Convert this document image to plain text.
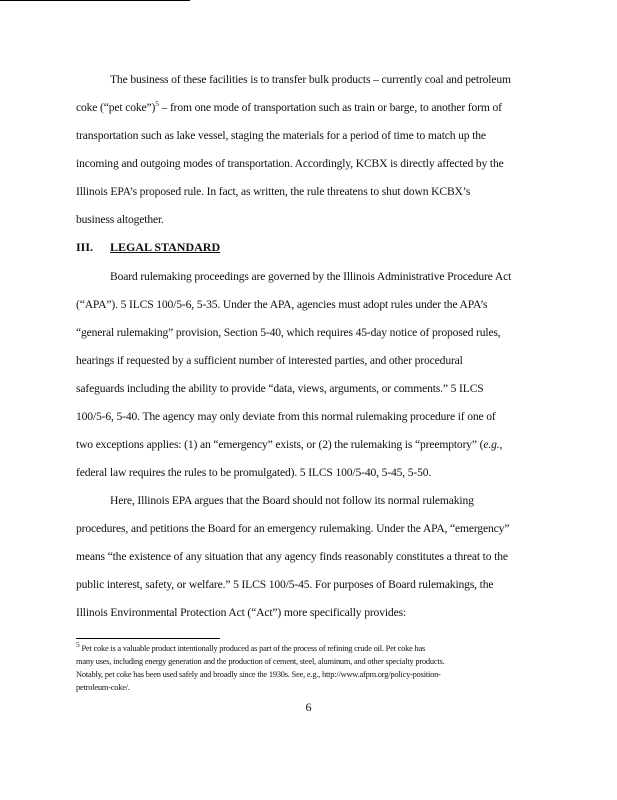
The business of these facilities is to transfer bulk products – currently coal and petroleum
coke (“pet coke”)$^5$ – from one mode of transportation such as train or barge, to another form of
transportation such as lake vessel, staging the materials for a period of time to match up the
incoming and outgoing modes of transportation. Accordingly, KCBX is directly affected by the
Illinois EPA’s proposed rule. In fact, as written, the rule threatens to shut down KCBX’s
business altogether.
III. LEGAL STANDARD
Board rulemaking proceedings are governed by the Illinois Administrative Procedure Act
(“APA”). 5 ILCS 100/5-6, 5-35. Under the APA, agencies must adopt rules under the APA’s
“general rulemaking” provision, Section 5-40, which requires 45-day notice of proposed rules,
hearings if requested by a sufficient number of interested parties, and other procedural
safeguards including the ability to provide “data, views, arguments, or comments.” 5 ILCS
100/5-6, 5-40. The agency may only deviate from this normal rulemaking procedure if one of
two exceptions applies: (1) an “emergency” exists, or (2) the rulemaking is “preemptory” (e.g.,
federal law requires the rules to be promulgated). 5 ILCS 100/5-40, 5-45, 5-50.
Here, Illinois EPA argues that the Board should not follow its normal rulemaking
procedures, and petitions the Board for an emergency rulemaking. Under the APA, “emergency”
means “the existence of any situation that any agency finds reasonably constitutes a threat to the
public interest, safety, or welfare.” 5 ILCS 100/5-45. For purposes of Board rulemakings, the
Illinois Environmental Protection Act (“Act”) more specifically provides:
$^5$ Pet coke is a valuable product intentionally produced as part of the process of refining crude oil. Pet coke has
many uses, including energy generation and the production of cement, steel, aluminum, and other specialty products.
Notably, pet coke has been used safely and broadly since the 1930s. See, e.g., http://www.afpm.org/policy-position-
petroleum-coke/.
6
